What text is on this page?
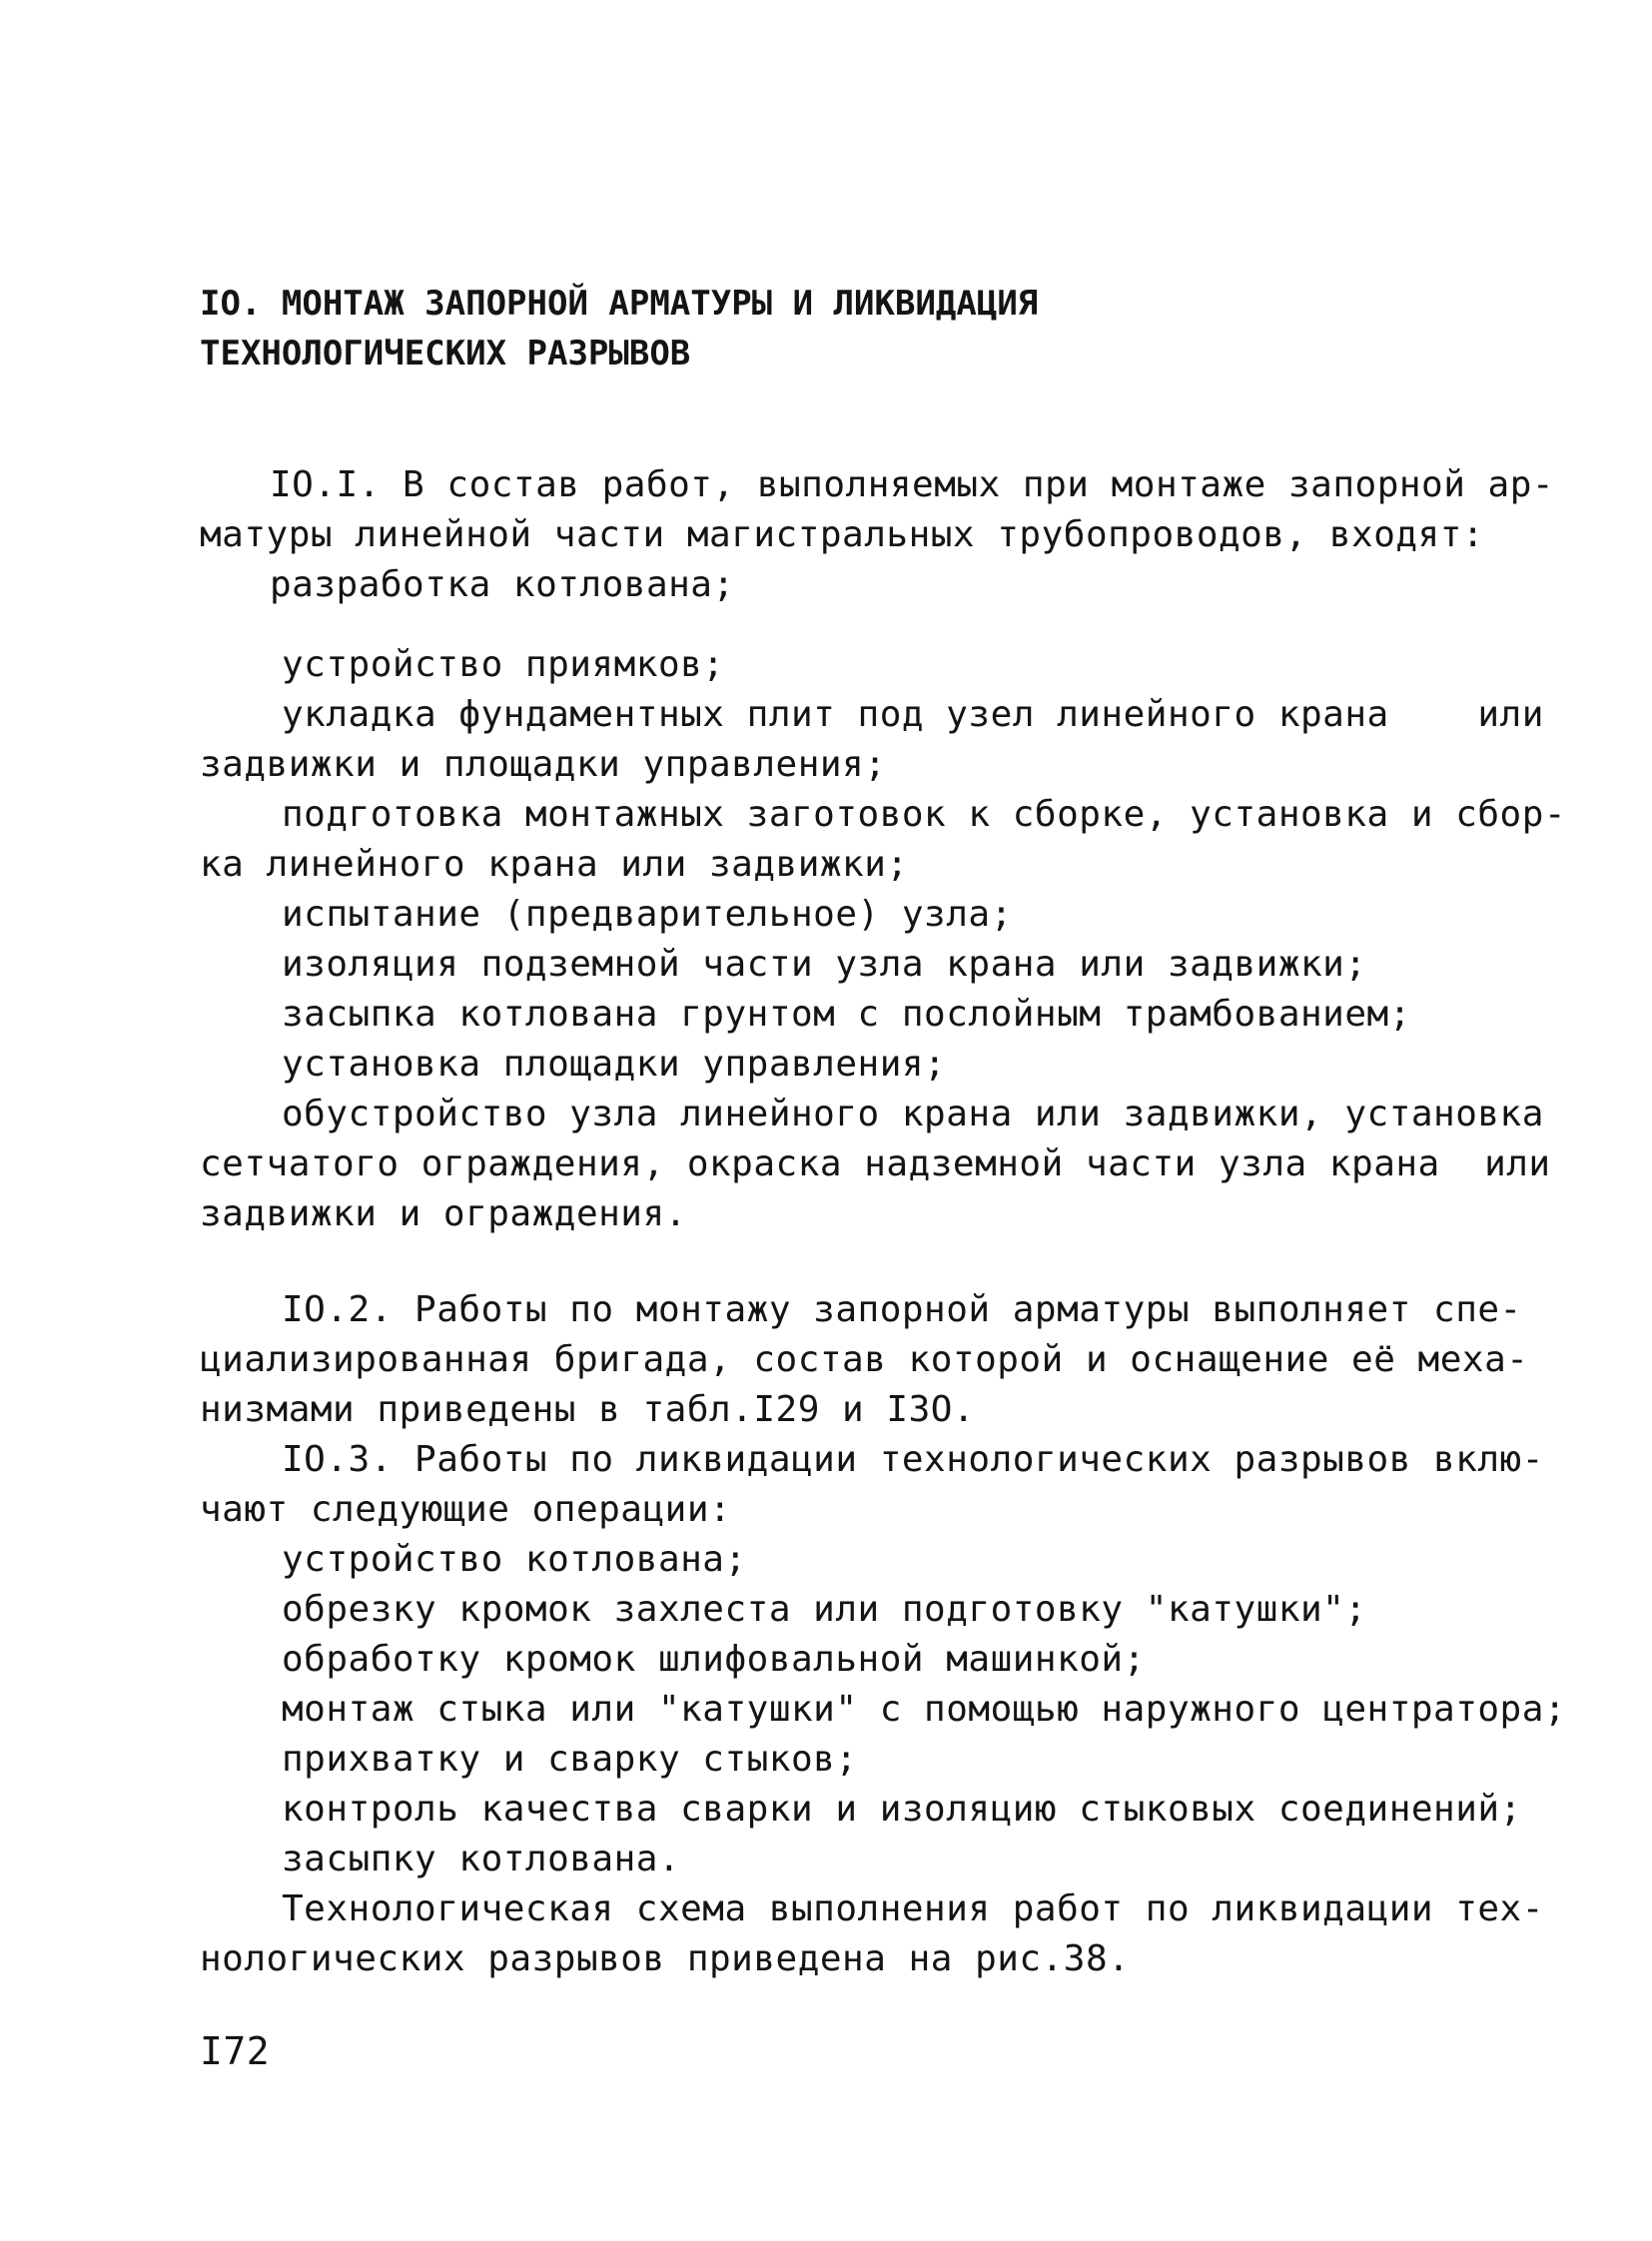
IO. МОНТАЖ ЗАПОРНОЙ АРМАТУРЫ И ЛИКВИДАЦИЯ
ТЕХНОЛОГИЧЕСКИХ РАЗРЫВОВ
IO.I. В состав работ, выполняемых при монтаже запорной ар-
матуры линейной части магистральных трубопроводов, входят:
разработка котлована;
устройство приямков;
укладка фундаментных плит под узел линейного крана    или
задвижки и площадки управления;
подготовка монтажных заготовок к сборке, установка и сбор-
ка линейного крана или задвижки;
испытание (предварительное) узла;
изоляция подземной части узла крана или задвижки;
засыпка котлована грунтом с послойным трамбованием;
установка площадки управления;
обустройство узла линейного крана или задвижки, установка
сетчатого ограждения, окраска надземной части узла крана  или
задвижки и ограждения.
IO.2. Работы по монтажу запорной арматуры выполняет спе-
циализированная бригада, состав которой и оснащение её меха-
низмами приведены в табл.I29 и I3O.
IO.3. Работы по ликвидации технологических разрывов вклю-
чают следующие операции:
устройство котлована;
обрезку кромок захлеста или подготовку "катушки";
обработку кромок шлифовальной машинкой;
монтаж стыка или "катушки" с помощью наружного центратора;
прихватку и сварку стыков;
контроль качества сварки и изоляцию стыковых соединений;
засыпку котлована.
Технологическая схема выполнения работ по ликвидации тех-
нологических разрывов приведена на рис.38.
I72
